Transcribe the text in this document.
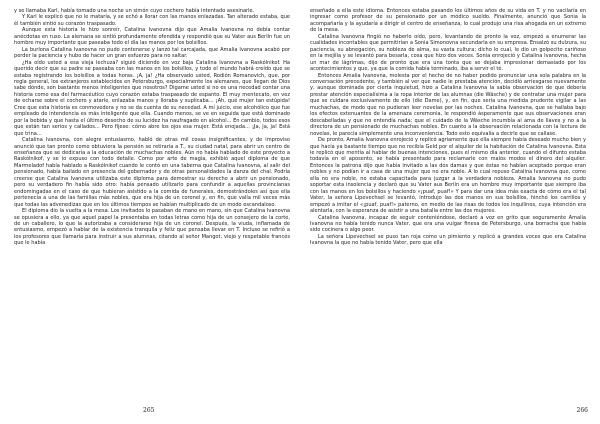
y se llamaba Karl, había tomado una noche un simón cuyo cochero había intentado asesinarle.

Y Karl le explicó que no le mataría, y se echó a llorar con las manos enlazadas. Tan alterado estaba, que él también sintió su corazón traspasado.

Aunque esta historia le hizo sonreír, Catalina Ivanovna dijo que Amalia Ivanovna no debía contar anécdotas en ruso. La alemana se sintió profundamente ofendida y respondió que su Vater aus Berlín fue un hombre muy importante que paseaba todo el día las manos por los bolsillos.

La burlona Catalina Ivanovna no pudo contenerse y lanzó tal carcajada, que Amalia Ivanovna acabó por perder la paciencia y hubo de hacer un gran esfuerzo para no saltar.

¿Ha oído usted a esa vieja lechuza? siguió diciendo en voz baja Catalina Ivanovna a Raskólnikof. Ha querido decir que su padre se paseaba con las manos en los bolsillos, y todo el mundo habrá creído que se estaba registrando los bolsillos a todas horas. ¡A, ja! ¿Ha observado usted, Rodión Romanovich, que, por regla general, los extranjeros establecidos en Petersburgo, especialmente los alemanes, que llegan de Dios sabe dónde, son bastante menos inteligentes que nosotros? Digame usted si no es una necedad contar una historia como esa del farmacéutico cuyo corazón estaba traspasado de espanto. El muy mentecato, en vez de echarse sobre el cochero y atarle, enlazaba manos y lloraba y suplicaba... ¡Ah, qué mujer tan estúpida! Cree que esta historia es conmovedora y no se da cuenta de su necedad. A mí juicio, ese alcohólico que fue empleado de intendencia es más inteligente que ella. Cuando menos, se ve en seguida que está dominado por la bebida y que hasta el último desecho de su lucidez ha naufragado en alcohol... En cambio, todos esos que están tan serios y callados... Pero fíjese: cómo abre los ojos esa mujer. Está enojada... ¡Ja, ja, ja! Está que trina...

Catalina Ivanovna, con alegre entusiasmo, habló de otras mil cosas insignificantes, y de improviso anunció que tan pronto como obtuviera la pensión se retiraría a T., su ciudad natal, para abrir un centro de enseñanza que se dedicaría a la educación de muchachas nobles. Aún no había hablado de este proyecto a Raskólnikof, y se lo expuso con todo detalle. Como por arte de magia, exhibió aquel diploma de que Marmeladof había hablado a Raskólnikof cuando le contó en una taberna que Catalina Ivanovna, al salir del pensionado, había bailado en presencia del gobernador y de otras personalidades la danza del chal. Podría creerse que Catalina Ivanovna utilizaba este diploma para demostrar su derecho a abrir un pensionado, pero su verdadero fin había sido otro: había pensado utilizarlo para confundir a aquellas provincianas endomingadas en el caso de que hubieran asistido a la comida de funerales, demostrándoles así que ella pertenecía a una de las familias más nobles, que era hija de un coronel y, en fin, que valía mil veces más que todas las advenedizas que en los últimos tiempos se habían multiplicado de un modo escandaloso.

El diploma dio la vuelta a la mesa. Los invitados lo pasaban de mano en mano, sin que Catalina Ivanovna se opusiera a ello, ya que aquel papel la presentaba en todas letras como hija de un consejero de la corte, de un caballero, lo que la autorizaba a considerarse hija de un coronel. Después, la viuda, inflamada de entusiasmo, empezó a hablar de la existencia tranquila y feliz que pensaba llevar en T. Incluso se refirió a los profesores que llamaría para instruir a sus alumnas, citando al señor Mangot, viejo y respetable francés que le había

265

enseñado a ella este idioma. Entonces estaba pasando los últimos años de su vida en T. y no vacilaría en ingresar como profesor de su pensionado por un módico sueldo. Finalmente, anunció que Sonia la acompañaría y la ayudaría a dirigir el centro de enseñanza, lo cual produjo una risa ahogada en un extremo de la mesa.

Catalina Ivanovna fingió no haberlo oído, pero, levantando de pronto la voz, empezó a enumerar las cualidades incontables que permitirían a Sonia Simonovna secundarla en su empresa. Ensalzó su dulzura, su paciencia, su abnegación, su nobleza de alma, su vasta cultura; dicho lo cual, le dio un golpecito cariñoso en la mejilla y se levantó para besarla, cosa que hizo dos veces. Sonia enrojeció y Catalina Ivanovna, hecha un mar de lágrimas, dijo de pronto que era una tonta que se dejaba impresionar demasiado por los acontecimientos y que, ya que la comida había terminado, iba a servir el té.

Entonces Amalia Ivanovna, molesta por el hecho de no haber podido pronunciar una sola palabra en la conversación precedente, y también al ver que nadie le prestaba atención, decidió arriesgarse nuevamente y, aunque dominada por cierta inquietud, hizo a Catalina Ivanovna la sabia observación de que debería prestar atención especialísima a la ropa interior de las alumnas (die Wäsche) y de contratar una mujer para que se cuidara exclusivamente de ello (die Dame), y, en fin, que sería una medida prudente vigilar a las muchachas, de modo que no pudieran leer novelas por las noches. Catalina Ivanovna, que se hallaba bajo los efectos extenuantes de la amenaza ceremonia, le respondió ásperamente que sus observaciones eran descabelladas y que no entendía nada; que el cuidado de la Wäsche incumbía al ama de llaves y no a la directora de un pensionado de muchachas nobles. En cuanto a la observación relacionada con la lectura de novelas, le parecía simplemente una inconveniencia. Todo esto equivalía a decirle que se callase.

De pronto, Amalia Ivanovna enrojeció y replicó agriamente que ella siempre había deseado mucho bien y que hacía ya bastante tiempo que no recibía Geld por el alquiler de la habitación de Catalina Ivanovna. Esta le replicó que mentía al hablar de buenas intenciones, pues el mismo día anterior, cuando el difunto estaba todavía en el aposento, se había presentado para reclamarle con malos modos el dinero del alquiler. Entonces la patrona dijo que había invitado a las dos damas y que éstas no habían aceptado porque eran nobles y no podían ir a casa de una mujer que no era noble. A lo cual repuso Catalina Ivanovna que, como ella no era noble, no estaba capacitada para juzgar a la verdadera nobleza. Amalia Ivanovna no pudo soportar esta insolencia y declaró que su Vater aus Berlín era un hombre muy importante que siempre iba con las manos en los bolsillos y haciendo «¡puaf, puaf!» Y para dar una idea más exacta de cómo era el tal Vater, la señora Lipevechsel se levantó, introdujo las dos manos en sus bolsillos, hinchó los carrillos y empezó a imitar el «¡puaf, puaf!» paterno, en medio de las risas de todos los inquilinos, cuya intención era alentarla, con la esperanza de asistir a una batalla entre las dos mujeres.

Catalina Ivanovna, incapaz de seguir conteniéndose, declaró a voz en grito que seguramente Amalia Ivanovna no había tenido nunca Vater, que era una vulgar finesa de Petersburgo, una borracha que había sido cocinera o algo peor.

La señora Lipevechsel se puso tan roja como un pimiento y replicó a grandes voces que era Catalina Ivanovna la que no había tenido Vater, pero que ella

266
